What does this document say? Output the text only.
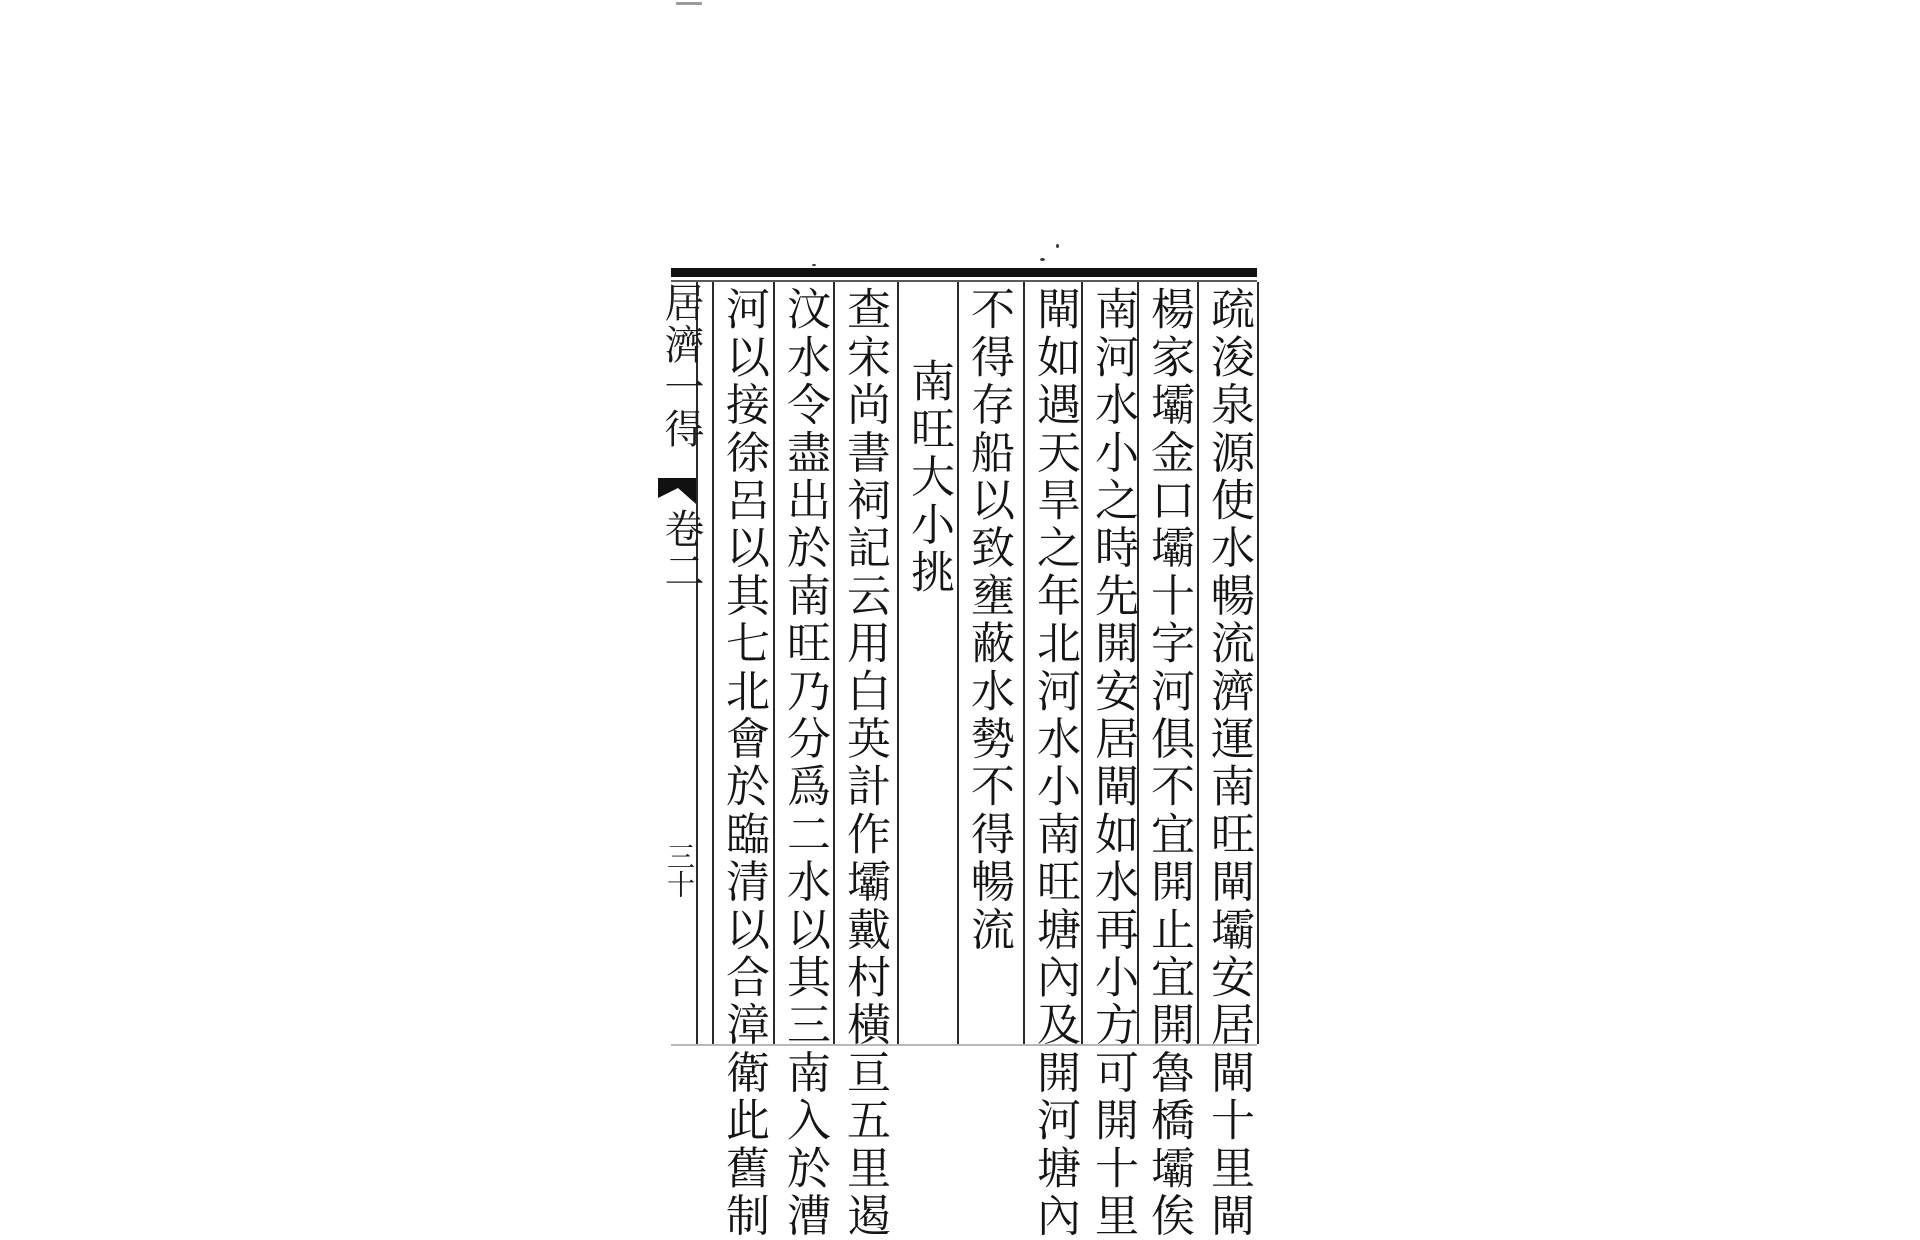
疏浚泉源使水暢流濟運南旺閘壩安居閘十里閘
楊家壩金口壩十字河俱不宜開止宜開魯橋壩俟
南河水小之時先開安居閘如水再小方可開十里
閘如遇天旱之年北河水小南旺塘內及開河塘內
不得存船以致壅蔽水勢不得暢流
南旺大小挑
查宋尚書祠記云用白英計作壩戴村橫亘五里遏
汶水令盡出於南旺乃分爲二水以其三南入於漕
河以接徐呂以其七北會於臨清以合漳衛此舊制
居濟一得
卷二
三十
